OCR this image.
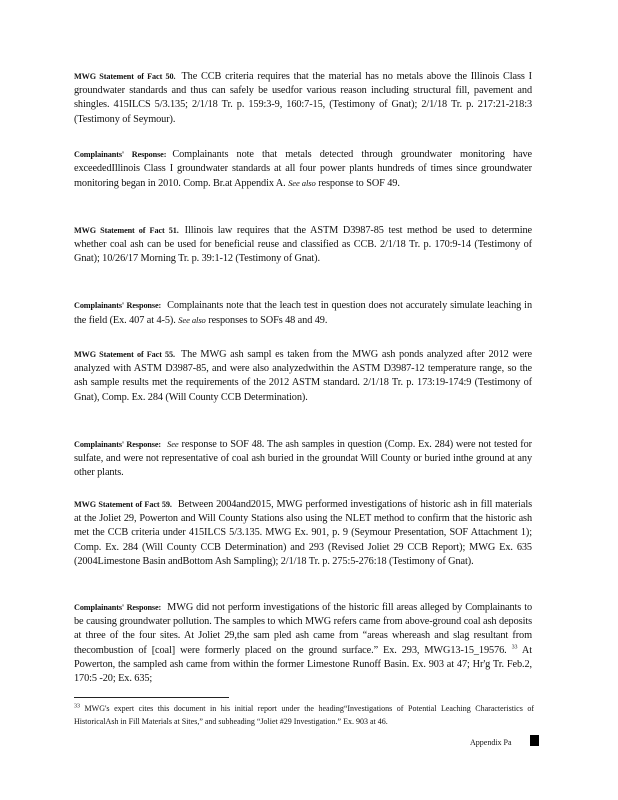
MWG Statement of Fact 50. The CCB criteria requires that the material has no metals above the Illinois Class I groundwater standards and thus can safely be usedfor various reason including structural fill, pavement and shingles. 415ILCS 5/3.135; 2/1/18 Tr. p. 159:3-9, 160:7-15, (Testimony of Gnat); 2/1/18 Tr. p. 217:21-218:3 (Testimony of Seymour).
Complainants' Response: Complainants note that metals detected through groundwater monitoring have exceededIllinois Class I groundwater standards at all four power plants hundreds of times since groundwater monitoring began in 2010. Comp. Br.at Appendix A. See also response to SOF 49.
MWG Statement of Fact 51. Illinois law requires that the ASTM D3987-85 test method be used to determine whether coal ash can be used for beneficial reuse and classified as CCB. 2/1/18 Tr. p. 170:9-14 (Testimony of Gnat); 10/26/17 Morning Tr. p. 39:1-12 (Testimony of Gnat).
Complainants' Response: Complainants note that the leach test in question does not accurately simulate leaching in the field (Ex. 407 at 4-5). See also responses to SOFs 48 and 49.
MWG Statement of Fact 55. The MWG ash sampl es taken from the MWG ash ponds analyzed after 2012 were analyzed with ASTM D3987-85, and were also analyzedwithin the ASTM D3987-12 temperature range, so the ash sample results met the requirements of the 2012 ASTM standard. 2/1/18 Tr. p. 173:19-174:9 (Testimony of Gnat), Comp. Ex. 284 (Will County CCB Determination).
Complainants' Response: See response to SOF 48. The ash samples in question (Comp. Ex. 284) were not tested for sulfate, and were not representative of coal ash buried in the groundat Will County or buried inthe ground at any other plants.
MWG Statement of Fact 59. Between 2004and2015, MWG performed investigations of historic ash in fill materials at the Joliet 29, Powerton and Will County Stations also using the NLET method to confirm that the historic ash met the CCB criteria under 415ILCS 5/3.135. MWG Ex. 901, p. 9 (Seymour Presentation, SOF Attachment 1); Comp. Ex. 284 (Will County CCB Determination) and 293 (Revised Joliet 29 CCB Report); MWG Ex. 635 (2004Limestone Basin andBottom Ash Sampling); 2/1/18 Tr. p. 275:5-276:18 (Testimony of Gnat).
Complainants' Response: MWG did not perform investigations of the historic fill areas alleged by Complainants to be causing groundwater pollution. The samples to which MWG refers came from above-ground coal ash deposits at three of the four sites. At Joliet 29,the sam pled ash came from “areas whereash and slag resultant from thecombustion of [coal] were formerly placed on the ground surface.” Ex. 293, MWG13-15_19576. $^{33}$ At Powerton, the sampled ash came from within the former Limestone Runoff Basin. Ex. 903 at 47; Hr'g Tr. Feb.2, 170:5 -20; Ex. 635;
$^{33}$ MWG's expert cites this document in his initial report under the heading“Investigations of Potential Leaching Characteristics of HistoricalAsh in Fill Materials at Sites,” and subheading “Joliet #29 Investigation.” Ex. 903 at 46.
Appendix Pa
